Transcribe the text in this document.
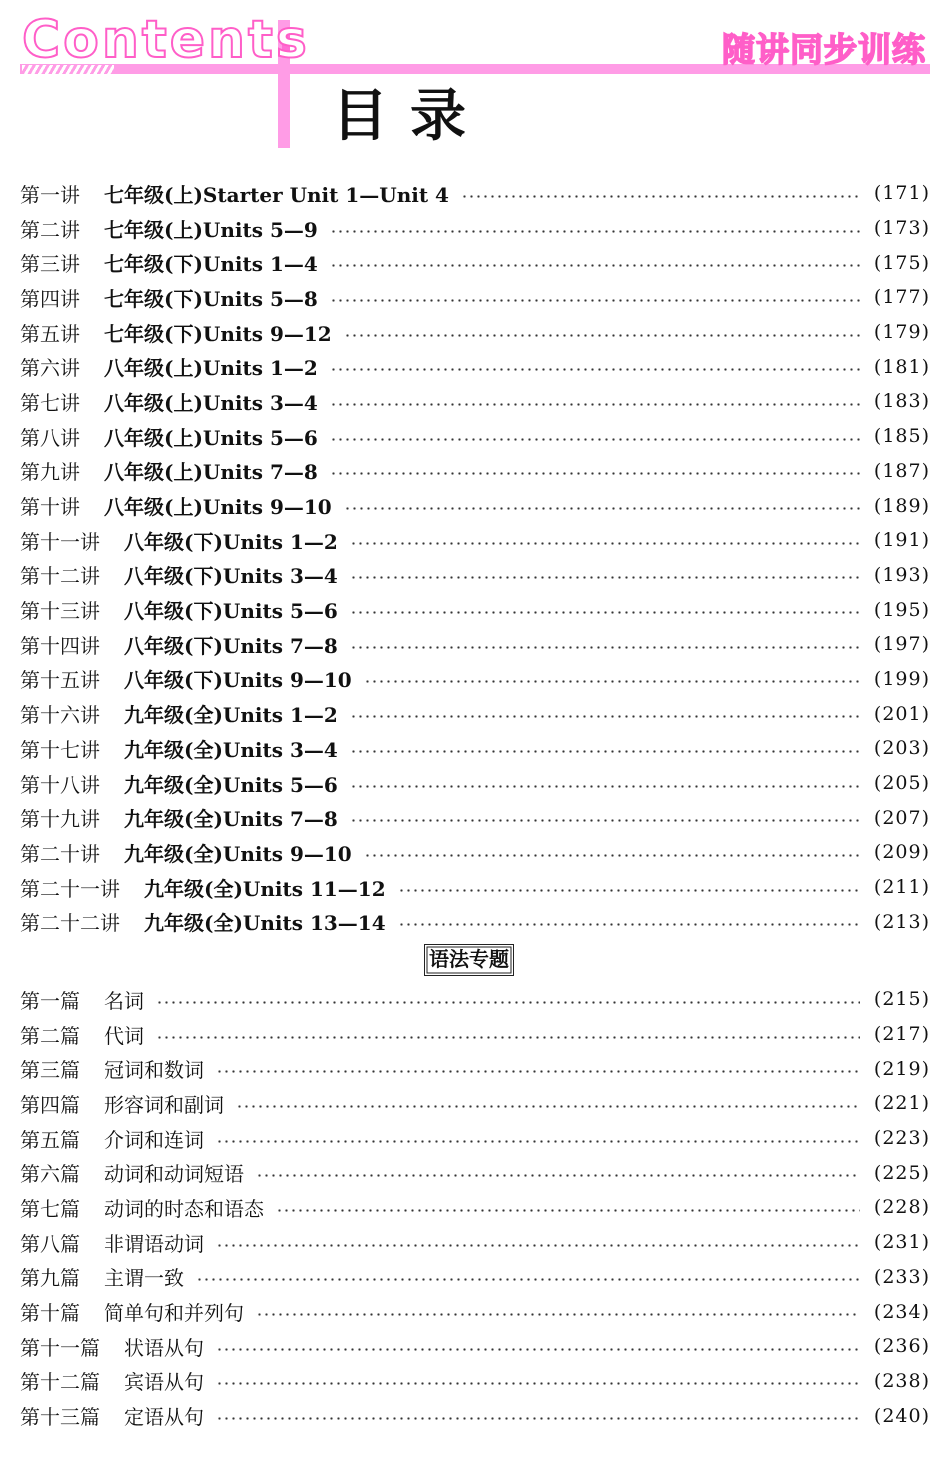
Contents	随讲同步训练
目录
第一讲 七年级(上)Starter Unit 1—Unit 4	(171)
第二讲 七年级(上)Units 5—9	(173)
第三讲 七年级(下)Units 1—4	(175)
第四讲 七年级(下)Units 5—8	(177)
第五讲 七年级(下)Units 9—12	(179)
第六讲 八年级(上)Units 1—2	(181)
第七讲 八年级(上)Units 3—4	(183)
第八讲 八年级(上)Units 5—6	(185)
第九讲 八年级(上)Units 7—8	(187)
第十讲 八年级(上)Units 9—10	(189)
第十一讲 八年级(下)Units 1—2	(191)
第十二讲 八年级(下)Units 3—4	(193)
第十三讲 八年级(下)Units 5—6	(195)
第十四讲 八年级(下)Units 7—8	(197)
第十五讲 八年级(下)Units 9—10	(199)
第十六讲 九年级(全)Units 1—2	(201)
第十七讲 九年级(全)Units 3—4	(203)
第十八讲 九年级(全)Units 5—6	(205)
第十九讲 九年级(全)Units 7—8	(207)
第二十讲 九年级(全)Units 9—10	(209)
第二十一讲 九年级(全)Units 11—12	(211)
第二十二讲 九年级(全)Units 13—14	(213)
语法专题
第一篇 名词	(215)
第二篇 代词	(217)
第三篇 冠词和数词	(219)
第四篇 形容词和副词	(221)
第五篇 介词和连词	(223)
第六篇 动词和动词短语	(225)
第七篇 动词的时态和语态	(228)
第八篇 非谓语动词	(231)
第九篇 主谓一致	(233)
第十篇 简单句和并列句	(234)
第十一篇 状语从句	(236)
第十二篇 宾语从句	(238)
第十三篇 定语从句	(240)
